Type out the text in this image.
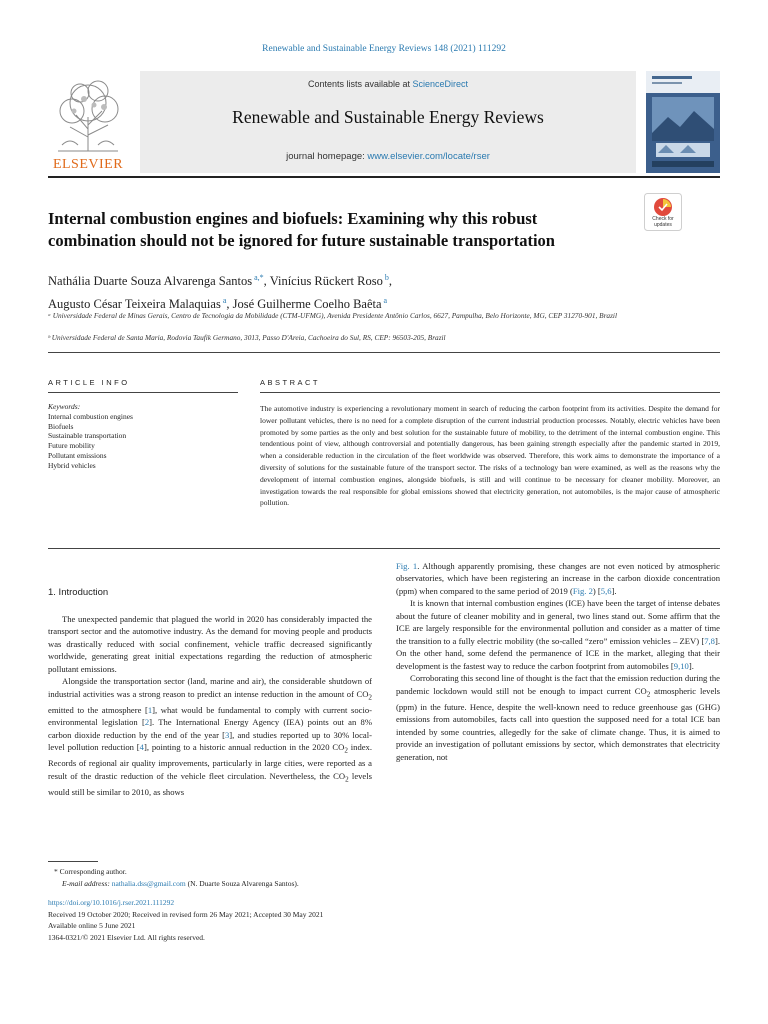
Renewable and Sustainable Energy Reviews 148 (2021) 111292
ELSEVIER
Contents lists available at ScienceDirect
Renewable and Sustainable Energy Reviews
journal homepage: www.elsevier.com/locate/rser
Internal combustion engines and biofuels: Examining why this robust
combination should not be ignored for future sustainable transportation
Check for updates
Nathália Duarte Souza Alvarenga Santos $^{a,*}$, Vinícius Rückert Roso $^b$,
Augusto César Teixeira Malaquias $^a$, José Guilherme Coelho Baêta $^a$
ᵃ Universidade Federal de Minas Gerais, Centro de Tecnologia da Mobilidade (CTM-UFMG), Avenida Presidente Antônio Carlos, 6627, Pampulha, Belo Horizonte, MG, CEP 31270-901, Brazil
ᵇ Universidade Federal de Santa Maria, Rodovia Taufik Germano, 3013, Passo D'Areia, Cachoeira do Sul, RS, CEP: 96503-205, Brazil
ARTICLE INFO	ABSTRACT
Keywords:
Internal combustion engines
Biofuels
Sustainable transportation
Future mobility
Pollutant emissions
Hybrid vehicles
The automotive industry is experiencing a revolutionary moment in search of reducing the carbon footprint from its activities. Despite the demand for lower pollutant vehicles, there is no need for a complete disruption of the current industrial production processes. Notably, electric vehicles have been promoted by some parties as the only and best solution for the sustainable future of mobility, to the detriment of the internal combustion engine. This tendentious point of view, although controversial and potentially dangerous, has been gaining strength especially after the pandemic started in 2019, when a considerable reduction in the circulation of the fleet worldwide was observed. Therefore, this work aims to demonstrate the importance of a diversity of solutions for the sustainable future of the transport sector. The risks of a technology ban were examined, as well as the reasons why the development of internal combustion engines, alongside biofuels, is still and will continue to be necessary for cleaner mobility. Moreover, an investigation towards the real responsible for global emissions showed that electricity generation, not automobiles, is the major cause of atmospheric pollution.
1. Introduction

The unexpected pandemic that plagued the world in 2020 has considerably impacted the transport sector and the automotive industry. As the demand for moving people and products was drastically reduced with social confinement, vehicle traffic decreased significantly worldwide, generating great initial expectations regarding the reduction of atmospheric pollutant emissions.

Alongside the transportation sector (land, marine and air), the considerable shutdown of industrial activities was a strong reason to predict an intense reduction in the amount of $CO_2$ emitted to the atmosphere [1], what would be fundamental to comply with current socio-environmental legislation [2]. The International Energy Agency (IEA) points out an 8% carbon dioxide reduction by the end of the year [3], and studies reported up to 30% local-level pollution reduction [4], pointing to a historic annual reduction in the 2020 $CO_2$ index. Records of regional air quality improvements, particularly in large cities, were reported as a result of the drastic reduction of the vehicle fleet circulation. Nevertheless, the $CO_2$ levels would still be similar to 2010, as shows

Fig. 1. Although apparently promising, these changes are not even noticed by atmospheric observatories, which have been registering an increase in the carbon dioxide concentration (ppm) when compared to the same period of 2019 (Fig. 2) [5,6].

It is known that internal combustion engines (ICE) have been the target of intense debates about the future of cleaner mobility and in general, two lines stand out. Some affirm that the ICE are largely responsible for the environmental pollution and consider as a matter of time the transition to a fully electric mobility (the so-called “zero” emission vehicles – ZEV) [7,8]. On the other hand, some defend the permanence of ICE in the market, alleging that their development is the fastest way to reduce the carbon footprint from automobiles [9,10].

Corroborating this second line of thought is the fact that the emission reduction during the pandemic lockdown would still not be enough to impact current $CO_2$ atmospheric levels (ppm) in the future. Hence, despite the well-known need to reduce greenhouse gas (GHG) emissions from automobiles, facts call into question the supposed need for a total ICE ban intended by some countries, allegedly for the sake of climate change. Thus, it is aimed to provide an investigation of pollutant emissions by sector, which demonstrates that electricity generation, not

* Corresponding author.
E-mail address: nathalia.dss@gmail.com (N. Duarte Souza Alvarenga Santos).
https://doi.org/10.1016/j.rser.2021.111292
Received 19 October 2020; Received in revised form 26 May 2021; Accepted 30 May 2021
Available online 5 June 2021
1364-0321/© 2021 Elsevier Ltd. All rights reserved.
